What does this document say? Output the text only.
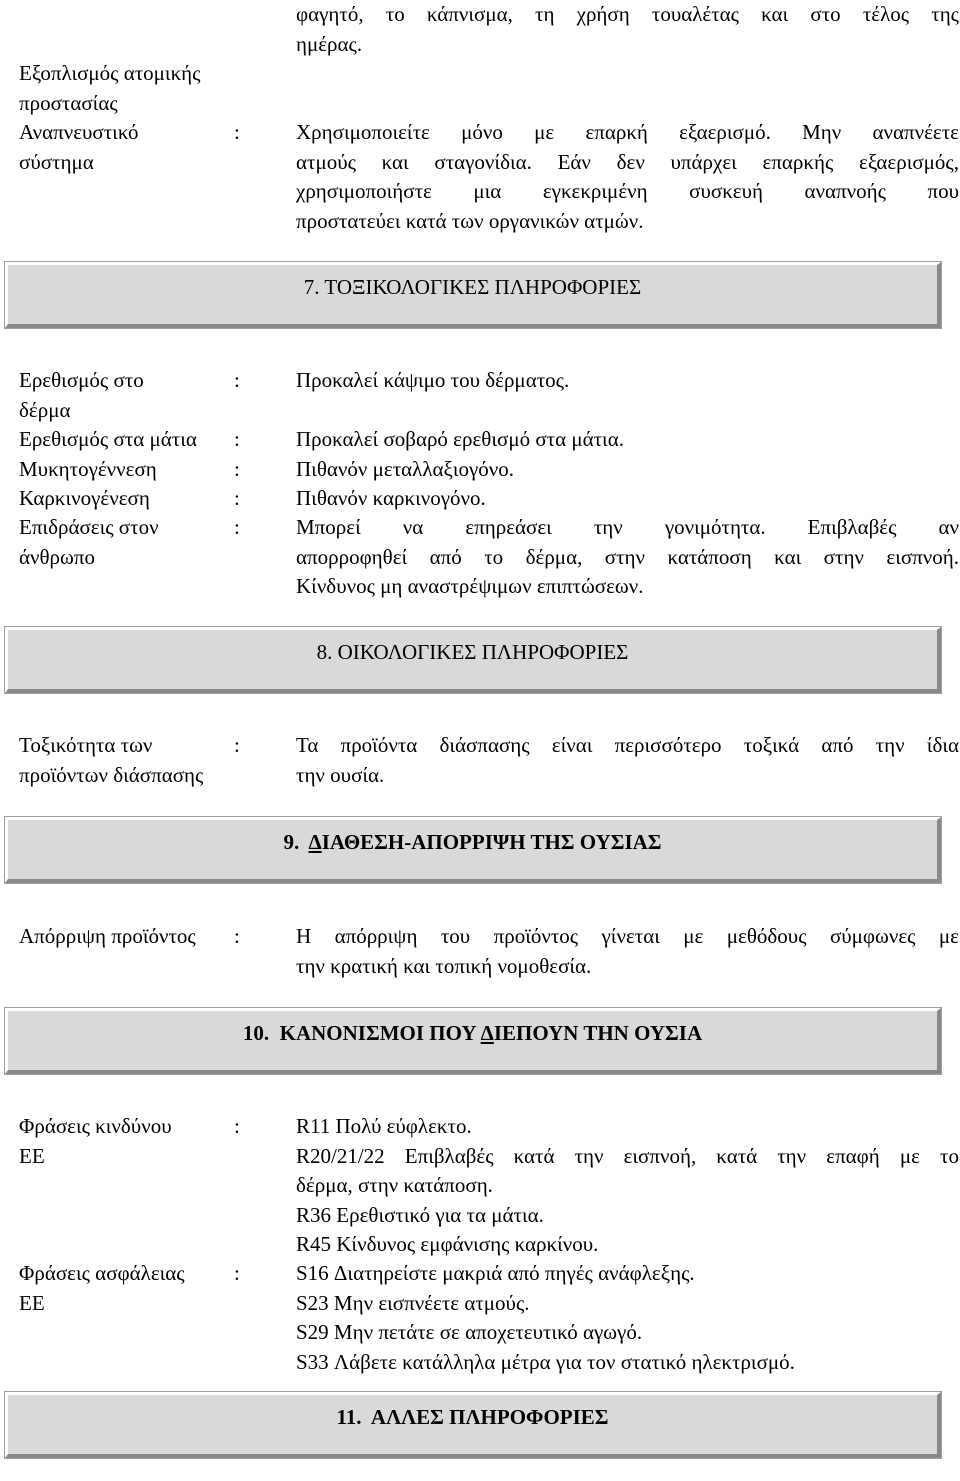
φαγητό, το κάπνισμα, τη χρήση τουαλέτας και στο τέλος της
ημέρας.
Εξοπλισμός ατομικής
προστασίας
Αναπνευστικό
σύστημα
:	Χρησιμοποιείτε μόνο με επαρκή εξαερισμό. Μην αναπνέετε
ατμούς και σταγονίδια. Εάν δεν υπάρχει επαρκής εξαερισμός,
χρησιμοποιήστε μια εγκεκριμένη συσκευή αναπνοής που
προστατεύει κατά των οργανικών ατμών.
7. ΤΟΞΙΚΟΛΟΓΙΚΕΣ ΠΛΗΡΟΦΟΡΙΕΣ
Ερεθισμός στο
δέρμα
:	Προκαλεί κάψιμο του δέρματος.
Ερεθισμός στα μάτια	:	Προκαλεί σοβαρό ερεθισμό στα μάτια.
Μυκητογέννεση	:	Πιθανόν μεταλλαξιογόνο.
Καρκινογένεση	:	Πιθανόν καρκινογόνο.
Επιδράσεις στον
άνθρωπο
:	Μπορεί να επηρεάσει την γονιμότητα. Επιβλαβές αν
απορροφηθεί από το δέρμα, στην κατάποση και στην εισπνοή.
Κίνδυνος μη αναστρέψιμων επιπτώσεων.
8. ΟΙΚΟΛΟΓΙΚΕΣ ΠΛΗΡΟΦΟΡΙΕΣ
Τοξικότητα των
προϊόντων διάσπασης
:	Τα προϊόντα διάσπασης είναι περισσότερο τοξικά από την ίδια
την ουσία.
9.  ΔΙΑΘΕΣΗ-ΑΠΟΡΡΙΨΗ ΤΗΣ ΟΥΣΙΑΣ
Απόρριψη προϊόντος	:	Η απόρριψη του προϊόντος γίνεται με μεθόδους σύμφωνες με
την κρατική και τοπική νομοθεσία.
10.  ΚΑΝΟΝΙΣΜΟΙ ΠΟΥ ΔΙΕΠΟΥΝ ΤΗΝ ΟΥΣΙΑ
Φράσεις κινδύνου
ΕΕ
:	R11 Πολύ εύφλεκτο.
R20/21/22 Επιβλαβές κατά την εισπνοή, κατά την επαφή με το
δέρμα, στην κατάποση.
R36 Ερεθιστικό για τα μάτια.
R45 Κίνδυνος εμφάνισης καρκίνου.
Φράσεις ασφάλειας
ΕΕ
:	S16 Διατηρείστε μακριά από πηγές ανάφλεξης.
S23 Μην εισπνέετε ατμούς.
S29 Μην πετάτε σε αποχετευτικό αγωγό.
S33 Λάβετε κατάλληλα μέτρα για τον στατικό ηλεκτρισμό.
11.  ΑΛΛΕΣ ΠΛΗΡΟΦΟΡΙΕΣ
